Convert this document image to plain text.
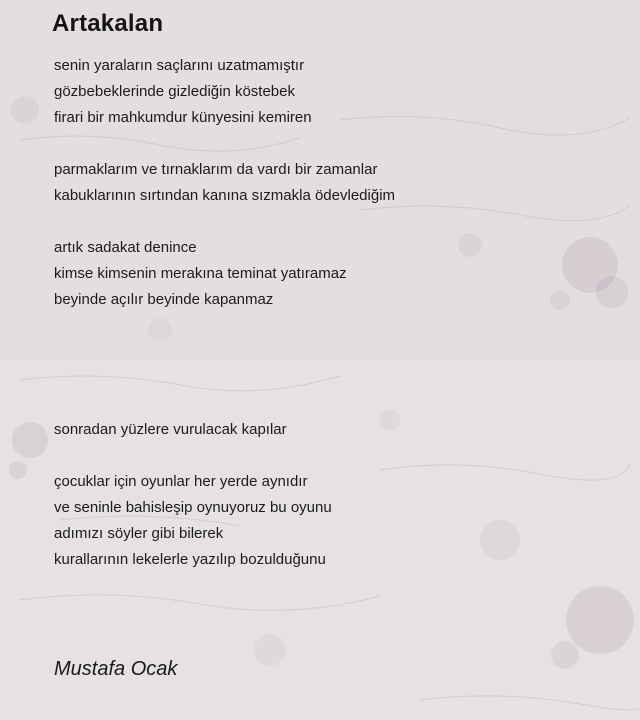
Artakalan
senin yaraların saçlarını uzatmamıştır
gözbebeklerinde gizlediğin köstebek
firari bir mahkumdur künyesini kemiren
parmaklarım ve tırnaklarım da vardı bir zamanlar
kabuklarının sırtından kanına sızmakla ödevlediğim
artık sadakat denince
kimse kimsenin merakına teminat yatıramaz
beyinde açılır beyinde kapanmaz
sonradan yüzlere vurulacak kapılar
çocuklar için oyunlar her yerde aynıdır
ve seninle bahisleşip oynuyoruz bu oyunu
adımızı söyler gibi bilerek
kurallarının lekelerle yazılıp bozulduğunu
Mustafa Ocak
